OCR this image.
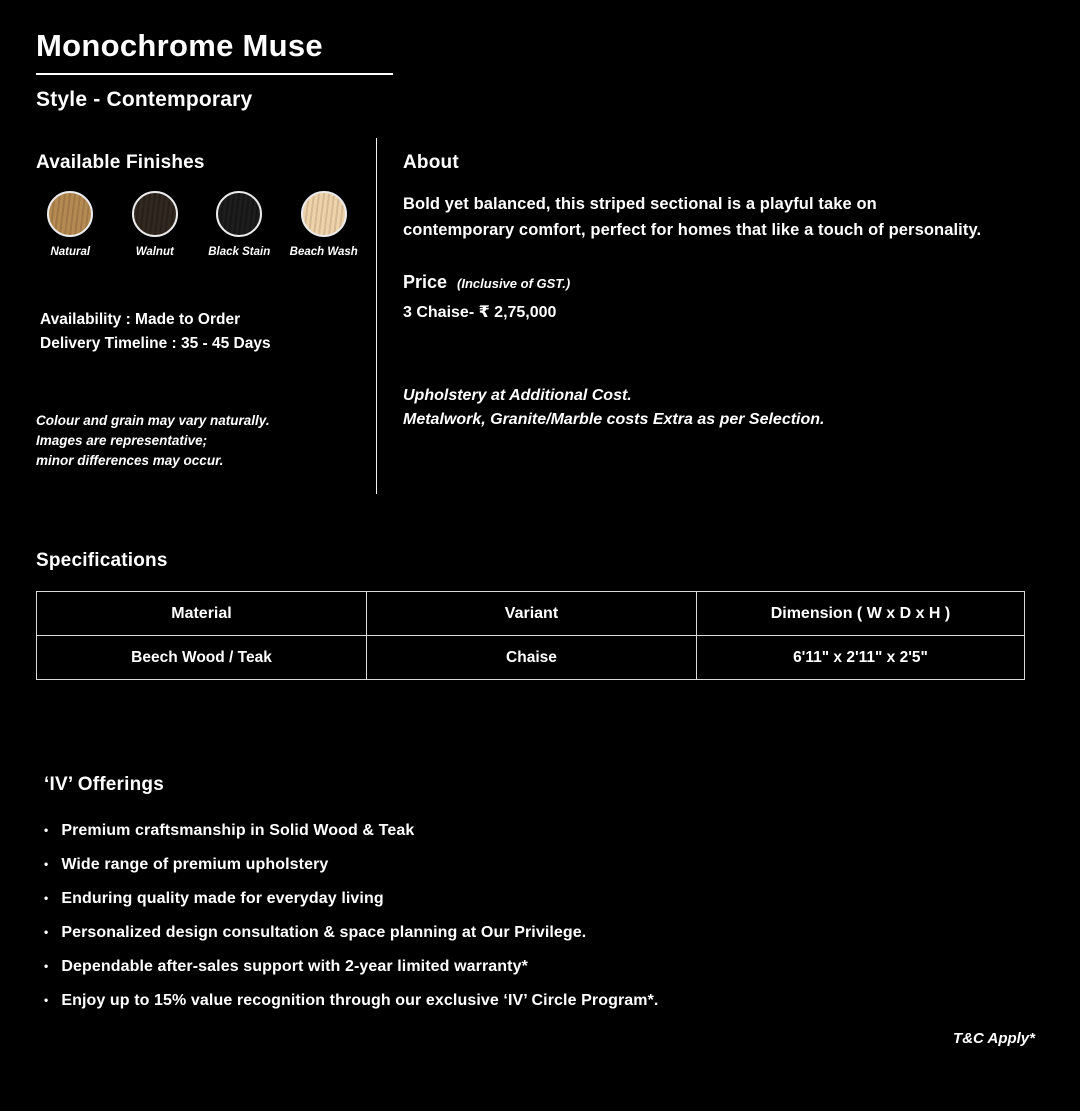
Monochrome Muse
Style - Contemporary
Available Finishes
Natural	Walnut	Black Stain Beach Wash
Availability : Made to Order
Delivery Timeline : 35 - 45 Days
Colour and grain may vary naturally.
Images are representative;
minor differences may occur.
About

Bold yet balanced, this striped sectional is a playful take on contemporary comfort, perfect for homes that like a touch of personality.

Price (Inclusive of GST.)
3 Chaise- ₹ 2,75,000
Upholstery at Additional Cost.
Metalwork, Granite/Marble costs Extra as per Selection.
Specifications
Material	Variant	Dimension ( W x D x H )
Beech Wood / Teak	Chaise	6'11" x 2'11" x 2'5"
‘IV’ Offerings
• Premium craftsmanship in Solid Wood & Teak
• Wide range of premium upholstery
• Enduring quality made for everyday living
• Personalized design consultation & space planning at Our Privilege.
• Dependable after-sales support with 2-year limited warranty*
• Enjoy up to 15% value recognition through our exclusive ‘IV’ Circle Program*.
T&C Apply*
